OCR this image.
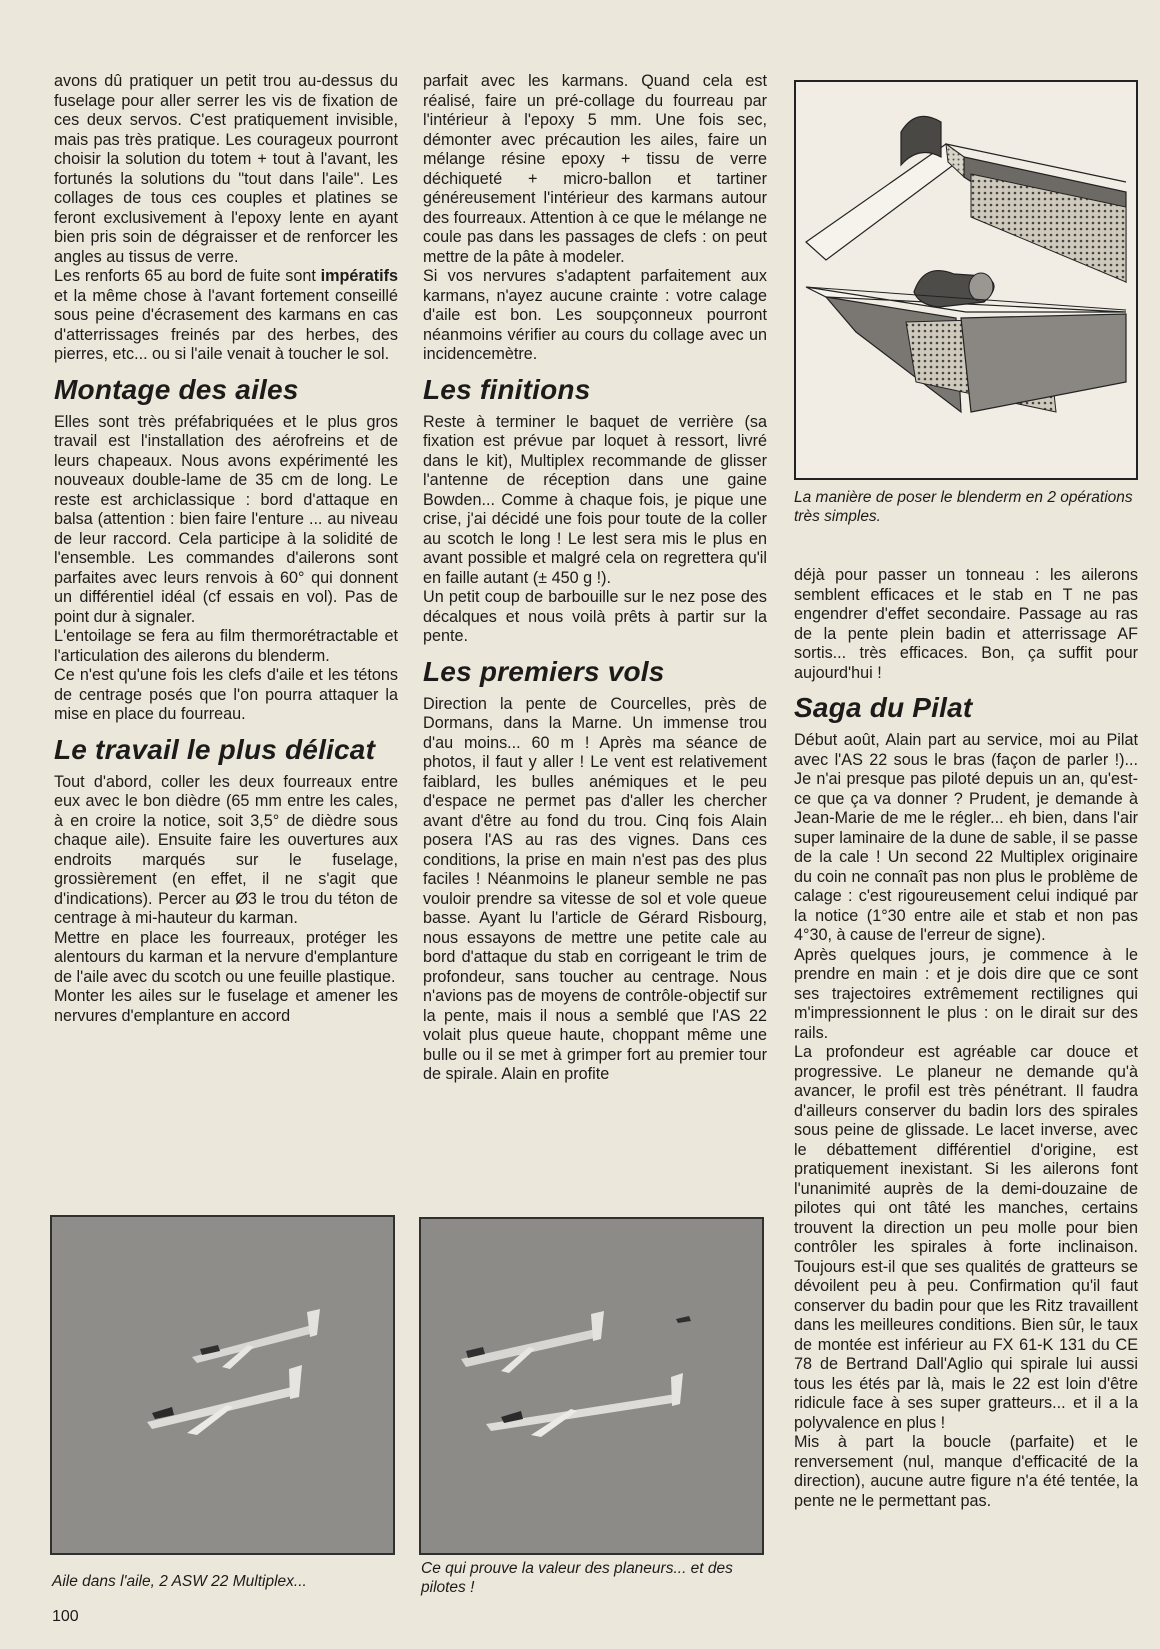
avons dû pratiquer un petit trou au-dessus du fuselage pour aller serrer les vis de fixation de ces deux servos. C'est pratiquement invisible, mais pas très pratique. Les courageux pourront choisir la solution du totem + tout à l'avant, les fortunés la solutions du "tout dans l'aile". Les collages de tous ces couples et platines se feront exclusivement à l'epoxy lente en ayant bien pris soin de dégraisser et de renforcer les angles au tissus de verre.

Les renforts 65 au bord de fuite sont impératifs et la même chose à l'avant fortement conseillé sous peine d'écrasement des karmans en cas d'atterrissages freinés par des herbes, des pierres, etc... ou si l'aile venait à toucher le sol.

Montage des ailes

Elles sont très préfabriquées et le plus gros travail est l'installation des aérofreins et de leurs chapeaux. Nous avons expérimenté les nouveaux double-lame de 35 cm de long. Le reste est archiclassique : bord d'attaque en balsa (attention : bien faire l'enture ... au niveau de leur raccord. Cela participe à la solidité de l'ensemble. Les commandes d'ailerons sont parfaites avec leurs renvois à 60° qui donnent un différentiel idéal (cf essais en vol). Pas de point dur à signaler.

L'entoilage se fera au film thermorétractable et l'articulation des ailerons du blenderm.

Ce n'est qu'une fois les clefs d'aile et les tétons de centrage posés que l'on pourra attaquer la mise en place du fourreau.

Le travail le plus délicat

Tout d'abord, coller les deux fourreaux entre eux avec le bon dièdre (65 mm entre les cales, à en croire la notice, soit 3,5° de dièdre sous chaque aile). Ensuite faire les ouvertures aux endroits marqués sur le fuselage, grossièrement (en effet, il ne s'agit que d'indications). Percer au Ø3 le trou du téton de centrage à mi-hauteur du karman.

Mettre en place les fourreaux, protéger les alentours du karman et la nervure d'emplanture de l'aile avec du scotch ou une feuille plastique.

Monter les ailes sur le fuselage et amener les nervures d'emplanture en accord

parfait avec les karmans. Quand cela est réalisé, faire un pré-collage du fourreau par l'intérieur à l'epoxy 5 mm. Une fois sec, démonter avec précaution les ailes, faire un mélange résine epoxy + tissu de verre déchiqueté + micro-ballon et tartiner généreusement l'intérieur des karmans autour des fourreaux. Attention à ce que le mélange ne coule pas dans les passages de clefs : on peut mettre de la pâte à modeler.

Si vos nervures s'adaptent parfaitement aux karmans, n'ayez aucune crainte : votre calage d'aile est bon. Les soupçonneux pourront néanmoins vérifier au cours du collage avec un incidencemètre.

Les finitions

Reste à terminer le baquet de verrière (sa fixation est prévue par loquet à ressort, livré dans le kit), Multiplex recommande de glisser l'antenne de réception dans une gaine Bowden... Comme à chaque fois, je pique une crise, j'ai décidé une fois pour toute de la coller au scotch le long ! Le lest sera mis le plus en avant possible et malgré cela on regrettera qu'il en faille autant (± 450 g !).

Un petit coup de barbouille sur le nez pose des décalques et nous voilà prêts à partir sur la pente.

Les premiers vols

Direction la pente de Courcelles, près de Dormans, dans la Marne. Un immense trou d'au moins... 60 m ! Après ma séance de photos, il faut y aller ! Le vent est relativement faiblard, les bulles anémiques et le peu d'espace ne permet pas d'aller les chercher avant d'être au fond du trou. Cinq fois Alain posera l'AS au ras des vignes. Dans ces conditions, la prise en main n'est pas des plus faciles ! Néanmoins le planeur semble ne pas vouloir prendre sa vitesse de sol et vole queue basse. Ayant lu l'article de Gérard Risbourg, nous essayons de mettre une petite cale au bord d'attaque du stab en corrigeant le trim de profondeur, sans toucher au centrage. Nous n'avions pas de moyens de contrôle-objectif sur la pente, mais il nous a semblé que l'AS 22 volait plus queue haute, choppant même une bulle ou il se met à grimper fort au premier tour de spirale. Alain en profite

La manière de poser le blenderm en 2 opérations très simples.

déjà pour passer un tonneau : les ailerons semblent efficaces et le stab en T ne pas engendrer d'effet secondaire. Passage au ras de la pente plein badin et atterrissage AF sortis... très efficaces. Bon, ça suffit pour aujourd'hui !

Saga du Pilat

Début août, Alain part au service, moi au Pilat avec l'AS 22 sous le bras (façon de parler !)... Je n'ai presque pas piloté depuis un an, qu'est-ce que ça va donner ? Prudent, je demande à Jean-Marie de me le régler... eh bien, dans l'air super laminaire de la dune de sable, il se passe de la cale ! Un second 22 Multiplex originaire du coin ne connaît pas non plus le problème de calage : c'est rigoureusement celui indiqué par la notice (1°30 entre aile et stab et non pas 4°30, à cause de l'erreur de signe).

Après quelques jours, je commence à le prendre en main : et je dois dire que ce sont ses trajectoires extrêmement rectilignes qui m'impressionnent le plus : on le dirait sur des rails.

La profondeur est agréable car douce et progressive. Le planeur ne demande qu'à avancer, le profil est très pénétrant. Il faudra d'ailleurs conserver du badin lors des spirales sous peine de glissade. Le lacet inverse, avec le débattement différentiel d'origine, est pratiquement inexistant. Si les ailerons font l'unanimité auprès de la demi-douzaine de pilotes qui ont tâté les manches, certains trouvent la direction un peu molle pour bien contrôler les spirales à forte inclinaison. Toujours est-il que ses qualités de gratteurs se dévoilent peu à peu. Confirmation qu'il faut conserver du badin pour que les Ritz travaillent dans les meilleures conditions. Bien sûr, le taux de montée est inférieur au FX 61-K 131 du CE 78 de Bertrand Dall'Aglio qui spirale lui aussi tous les étés par là, mais le 22 est loin d'être ridicule face à ses super gratteurs... et il a la polyvalence en plus !

Mis à part la boucle (parfaite) et le renversement (nul, manque d'efficacité de la direction), aucune autre figure n'a été tentée, la pente ne le permettant pas.

Aile dans l'aile, 2 ASW 22 Multiplex...

Ce qui prouve la valeur des planeurs... et des pilotes !

100
